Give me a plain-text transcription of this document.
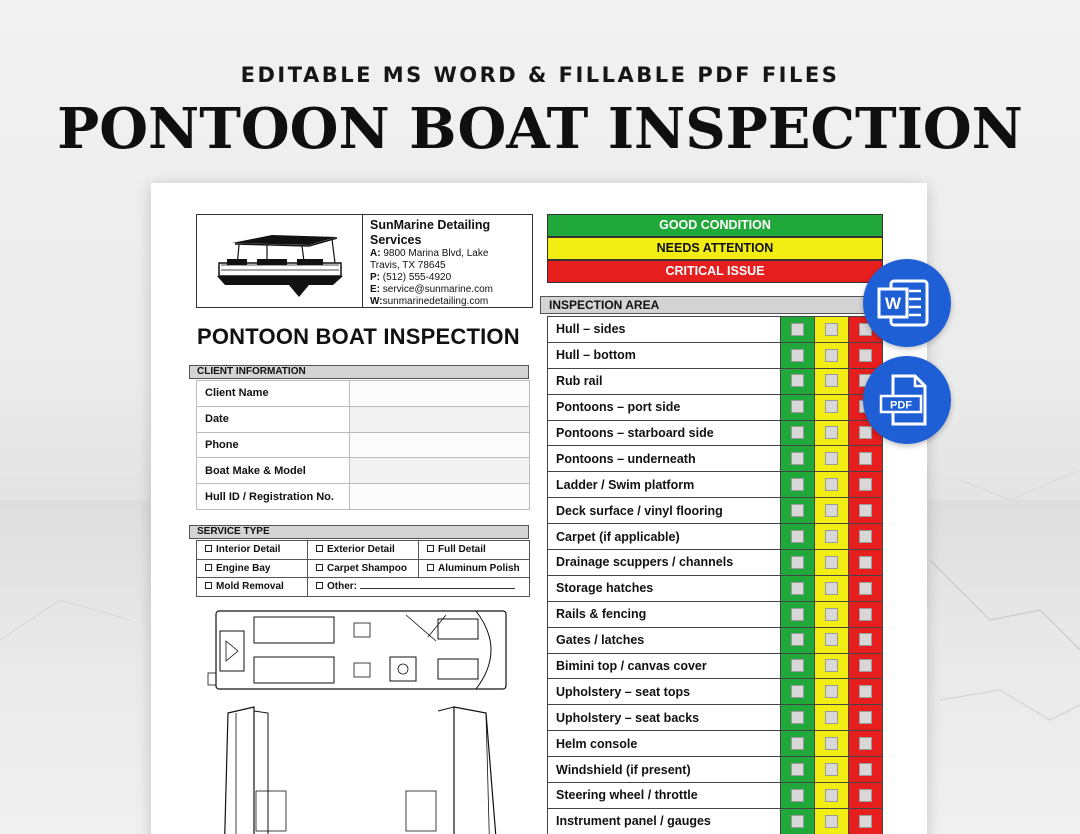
EDITABLE MS WORD & FILLABLE PDF FILES
PONTOON BOAT INSPECTION
SunMarine Detailing Services
A: 9800 Marina Blvd, Lake
Travis, TX 78645
P: (512) 555-4920
E: service@sunmarine.com
W:sunmarinedetailing.com
PONTOON BOAT INSPECTION
CLIENT INFORMATION
Client Name	
Date	
Phone	
Boat Make & Model	
Hull ID / Registration No.	
SERVICE TYPE
Interior Detail	Exterior Detail	Full Detail
Engine Bay	Carpet Shampoo	Aluminum Polish
Mold Removal	Other:	
GOOD CONDITION
NEEDS ATTENTION
CRITICAL ISSUE
INSPECTION AREA
Hull – sides			
Hull – bottom			
Rub rail			
Pontoons – port side			
Pontoons – starboard side			
Pontoons – underneath			
Ladder / Swim platform			
Deck surface / vinyl flooring			
Carpet (if applicable)			
Drainage scuppers / channels			
Storage hatches			
Rails & fencing			
Gates / latches			
Bimini top / canvas cover			
Upholstery – seat tops			
Upholstery – seat backs			
Helm console			
Windshield (if present)			
Steering wheel / throttle			
Instrument panel / gauges			
W
PDF
